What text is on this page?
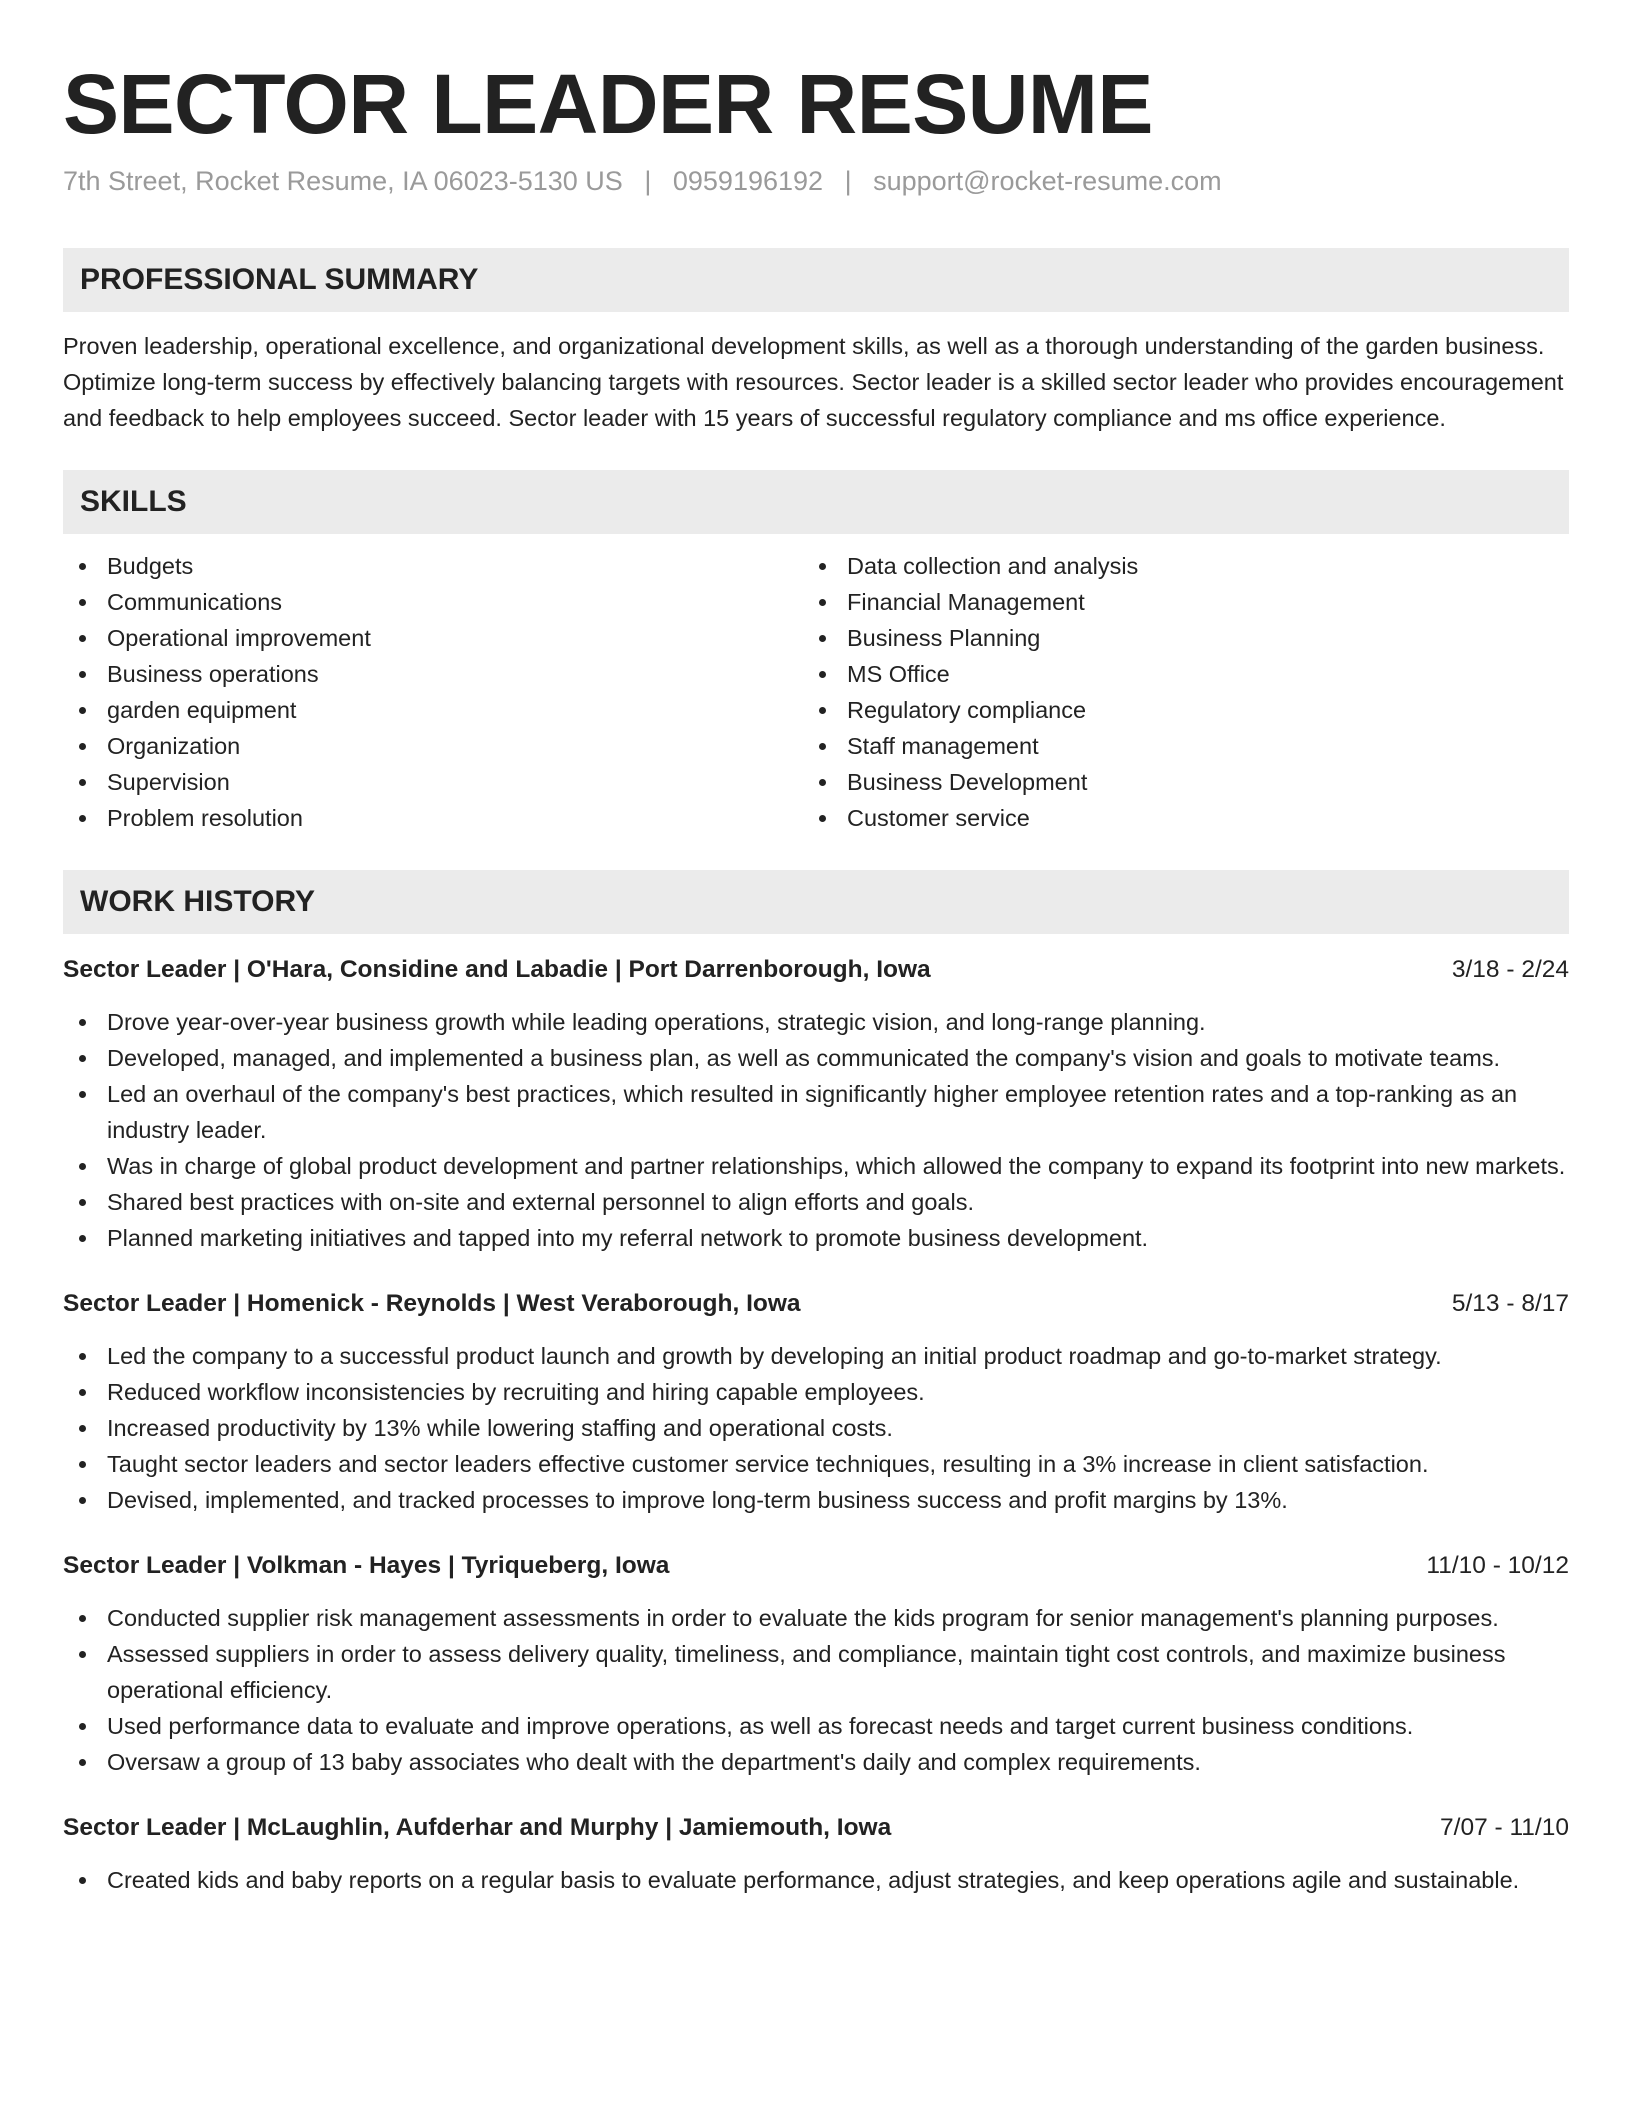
SECTOR LEADER RESUME
7th Street, Rocket Resume, IA 06023-5130 US | 0959196192 | support@rocket-resume.com
PROFESSIONAL SUMMARY
Proven leadership, operational excellence, and organizational development skills, as well as a thorough understanding of the garden business. Optimize long-term success by effectively balancing targets with resources. Sector leader is a skilled sector leader who provides encouragement and feedback to help employees succeed. Sector leader with 15 years of successful regulatory compliance and ms office experience.
SKILLS
Budgets
Communications
Operational improvement
Business operations
garden equipment
Organization
Supervision
Problem resolution
Data collection and analysis
Financial Management
Business Planning
MS Office
Regulatory compliance
Staff management
Business Development
Customer service
WORK HISTORY
Sector Leader | O'Hara, Considine and Labadie | Port Darrenborough, Iowa	3/18 - 2/24
Drove year-over-year business growth while leading operations, strategic vision, and long-range planning.
Developed, managed, and implemented a business plan, as well as communicated the company's vision and goals to motivate teams.
Led an overhaul of the company's best practices, which resulted in significantly higher employee retention rates and a top-ranking as an industry leader.
Was in charge of global product development and partner relationships, which allowed the company to expand its footprint into new markets.
Shared best practices with on-site and external personnel to align efforts and goals.
Planned marketing initiatives and tapped into my referral network to promote business development.
Sector Leader | Homenick - Reynolds | West Veraborough, Iowa	5/13 - 8/17
Led the company to a successful product launch and growth by developing an initial product roadmap and go-to-market strategy.
Reduced workflow inconsistencies by recruiting and hiring capable employees.
Increased productivity by 13% while lowering staffing and operational costs.
Taught sector leaders and sector leaders effective customer service techniques, resulting in a 3% increase in client satisfaction.
Devised, implemented, and tracked processes to improve long-term business success and profit margins by 13%.
Sector Leader | Volkman - Hayes | Tyriqueberg, Iowa	11/10 - 10/12
Conducted supplier risk management assessments in order to evaluate the kids program for senior management's planning purposes.
Assessed suppliers in order to assess delivery quality, timeliness, and compliance, maintain tight cost controls, and maximize business operational efficiency.
Used performance data to evaluate and improve operations, as well as forecast needs and target current business conditions.
Oversaw a group of 13 baby associates who dealt with the department's daily and complex requirements.
Sector Leader | McLaughlin, Aufderhar and Murphy | Jamiemouth, Iowa	7/07 - 11/10
Created kids and baby reports on a regular basis to evaluate performance, adjust strategies, and keep operations agile and sustainable.
